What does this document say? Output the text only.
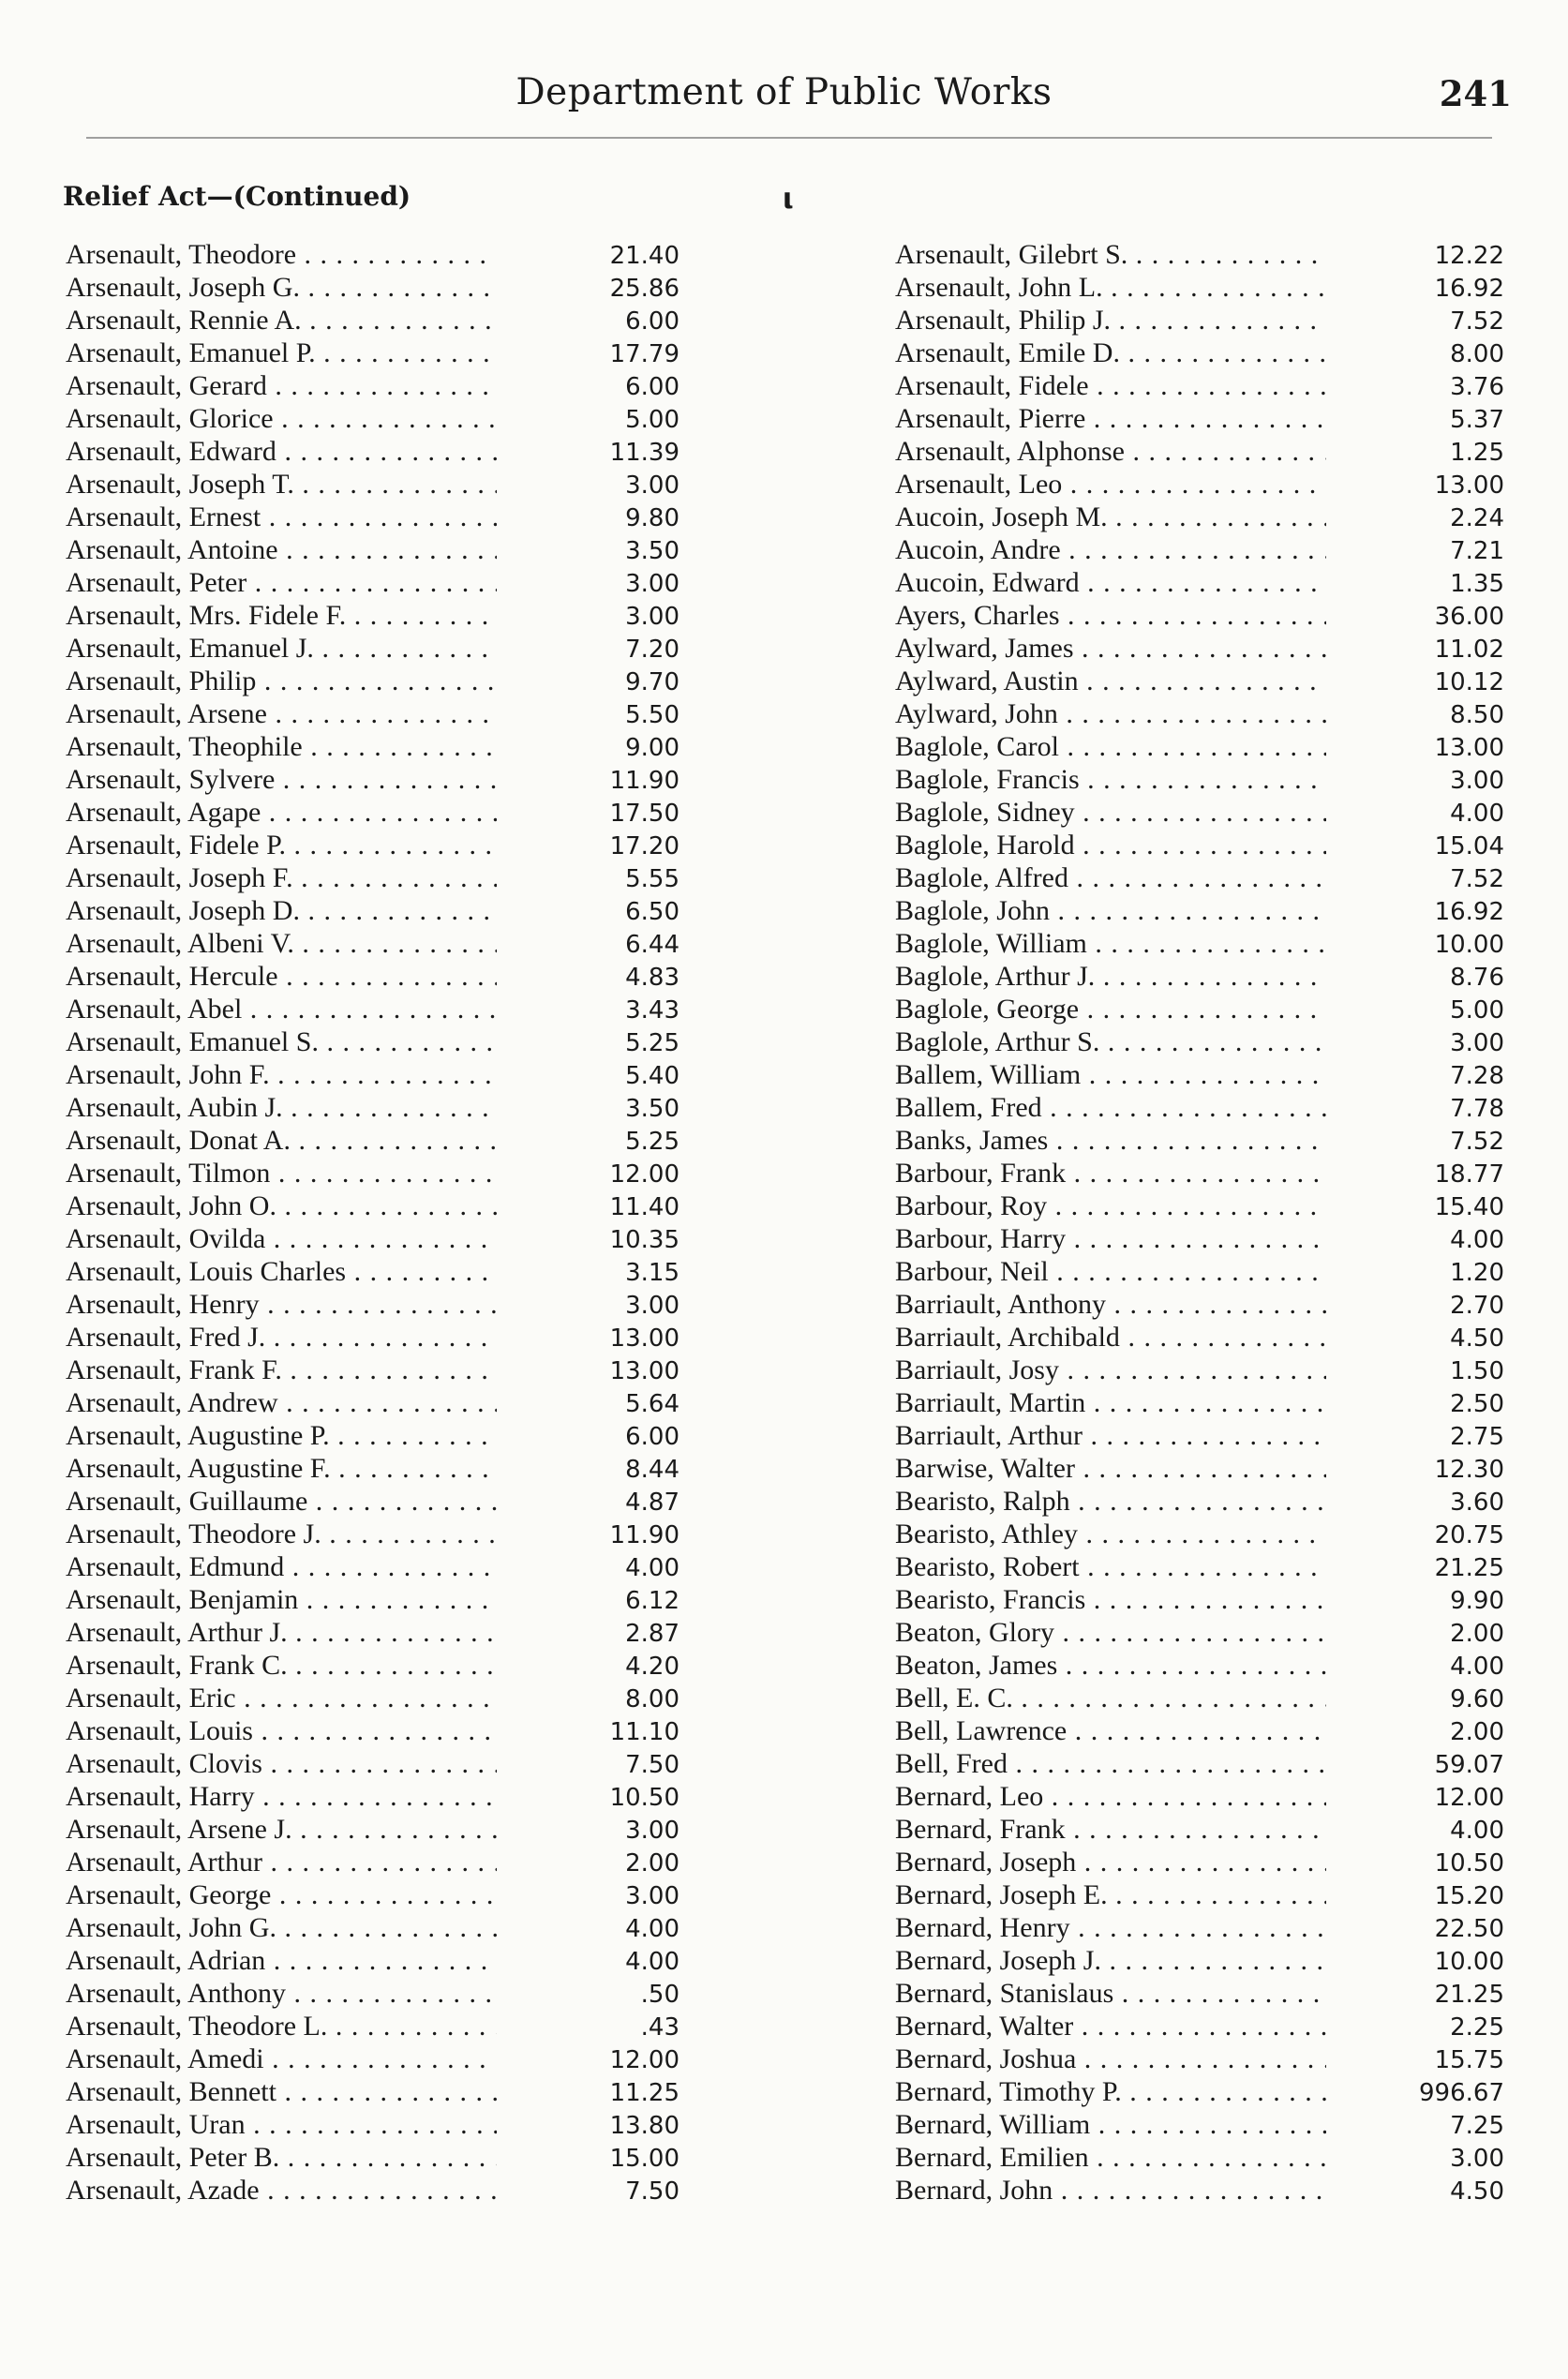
Department of Public Works	241
Relief Act—(Continued)	ι
Arsenault, Theodore . . .	21.40
Arsenault, Joseph G. . . .	25.86
Arsenault, Rennie A. . . .	6.00
Arsenault, Emanuel P. . . .	17.79
Arsenault, Gerard . . .	6.00
Arsenault, Glorice . . .	5.00
Arsenault, Edward . . .	11.39
Arsenault, Joseph T. . . .	3.00
Arsenault, Ernest . . .	9.80
Arsenault, Antoine . . .	3.50
Arsenault, Peter . . .	3.00
Arsenault, Mrs. Fidele F. . . .	3.00
Arsenault, Emanuel J. . . .	7.20
Arsenault, Philip . . .	9.70
Arsenault, Arsene . . .	5.50
Arsenault, Theophile . . .	9.00
Arsenault, Sylvere . . .	11.90
Arsenault, Agape . . .	17.50
Arsenault, Fidele P. . . .	17.20
Arsenault, Joseph F. . . .	5.55
Arsenault, Joseph D. . . .	6.50
Arsenault, Albeni V. . . .	6.44
Arsenault, Hercule . . .	4.83
Arsenault, Abel . . .	3.43
Arsenault, Emanuel S. . . .	5.25
Arsenault, John F. . . .	5.40
Arsenault, Aubin J. . . .	3.50
Arsenault, Donat A. . . .	5.25
Arsenault, Tilmon . . .	12.00
Arsenault, John O. . . .	11.40
Arsenault, Ovilda . . .	10.35
Arsenault, Louis Charles . . .	3.15
Arsenault, Henry . . .	3.00
Arsenault, Fred J. . . .	13.00
Arsenault, Frank F. . . .	13.00
Arsenault, Andrew . . .	5.64
Arsenault, Augustine P. . . .	6.00
Arsenault, Augustine F. . . .	8.44
Arsenault, Guillaume . . .	4.87
Arsenault, Theodore J. . . .	11.90
Arsenault, Edmund . . .	4.00
Arsenault, Benjamin . . .	6.12
Arsenault, Arthur J. . . .	2.87
Arsenault, Frank C. . . .	4.20
Arsenault, Eric . . .	8.00
Arsenault, Louis . . .	11.10
Arsenault, Clovis . . .	7.50
Arsenault, Harry . . .	10.50
Arsenault, Arsene J. . . .	3.00
Arsenault, Arthur . . .	2.00
Arsenault, George . . .	3.00
Arsenault, John G. . . .	4.00
Arsenault, Adrian . . .	4.00
Arsenault, Anthony . . .	.50
Arsenault, Theodore L. . . .	.43
Arsenault, Amedi . . .	12.00
Arsenault, Bennett . . .	11.25
Arsenault, Uran . . .	13.80
Arsenault, Peter B. . . .	15.00
Arsenault, Azade . . .	7.50
Arsenault, Gilebrt S. . . .	12.22
Arsenault, John L. . . .	16.92
Arsenault, Philip J. . . .	7.52
Arsenault, Emile D. . . .	8.00
Arsenault, Fidele . . .	3.76
Arsenault, Pierre . . .	5.37
Arsenault, Alphonse . . .	1.25
Arsenault, Leo . . .	13.00
Aucoin, Joseph M. . . .	2.24
Aucoin, Andre . . .	7.21
Aucoin, Edward . . .	1.35
Ayers, Charles . . .	36.00
Aylward, James . . .	11.02
Aylward, Austin . . .	10.12
Aylward, John . . .	8.50
Baglole, Carol . . .	13.00
Baglole, Francis . . .	3.00
Baglole, Sidney . . .	4.00
Baglole, Harold . . .	15.04
Baglole, Alfred . . .	7.52
Baglole, John . . .	16.92
Baglole, William . . .	10.00
Baglole, Arthur J. . . .	8.76
Baglole, George . . .	5.00
Baglole, Arthur S. . . .	3.00
Ballem, William . . .	7.28
Ballem, Fred . . .	7.78
Banks, James . . .	7.52
Barbour, Frank . . .	18.77
Barbour, Roy . . .	15.40
Barbour, Harry . . .	4.00
Barbour, Neil . . .	1.20
Barriault, Anthony . . .	2.70
Barriault, Archibald . . .	4.50
Barriault, Josy . . .	1.50
Barriault, Martin . . .	2.50
Barriault, Arthur . . .	2.75
Barwise, Walter . . .	12.30
Bearisto, Ralph . . .	3.60
Bearisto, Athley . . .	20.75
Bearisto, Robert . . .	21.25
Bearisto, Francis . . .	9.90
Beaton, Glory . . .	2.00
Beaton, James . . .	4.00
Bell, E. C. . . .	9.60
Bell, Lawrence . . .	2.00
Bell, Fred . . .	59.07
Bernard, Leo . . .	12.00
Bernard, Frank . . .	4.00
Bernard, Joseph . . .	10.50
Bernard, Joseph E. . . .	15.20
Bernard, Henry . . .	22.50
Bernard, Joseph J. . . .	10.00
Bernard, Stanislaus . . .	21.25
Bernard, Walter . . .	2.25
Bernard, Joshua . . .	15.75
Bernard, Timothy P. . . .	996.67
Bernard, William . . .	7.25
Bernard, Emilien . . .	3.00
Bernard, John . . .	4.50
